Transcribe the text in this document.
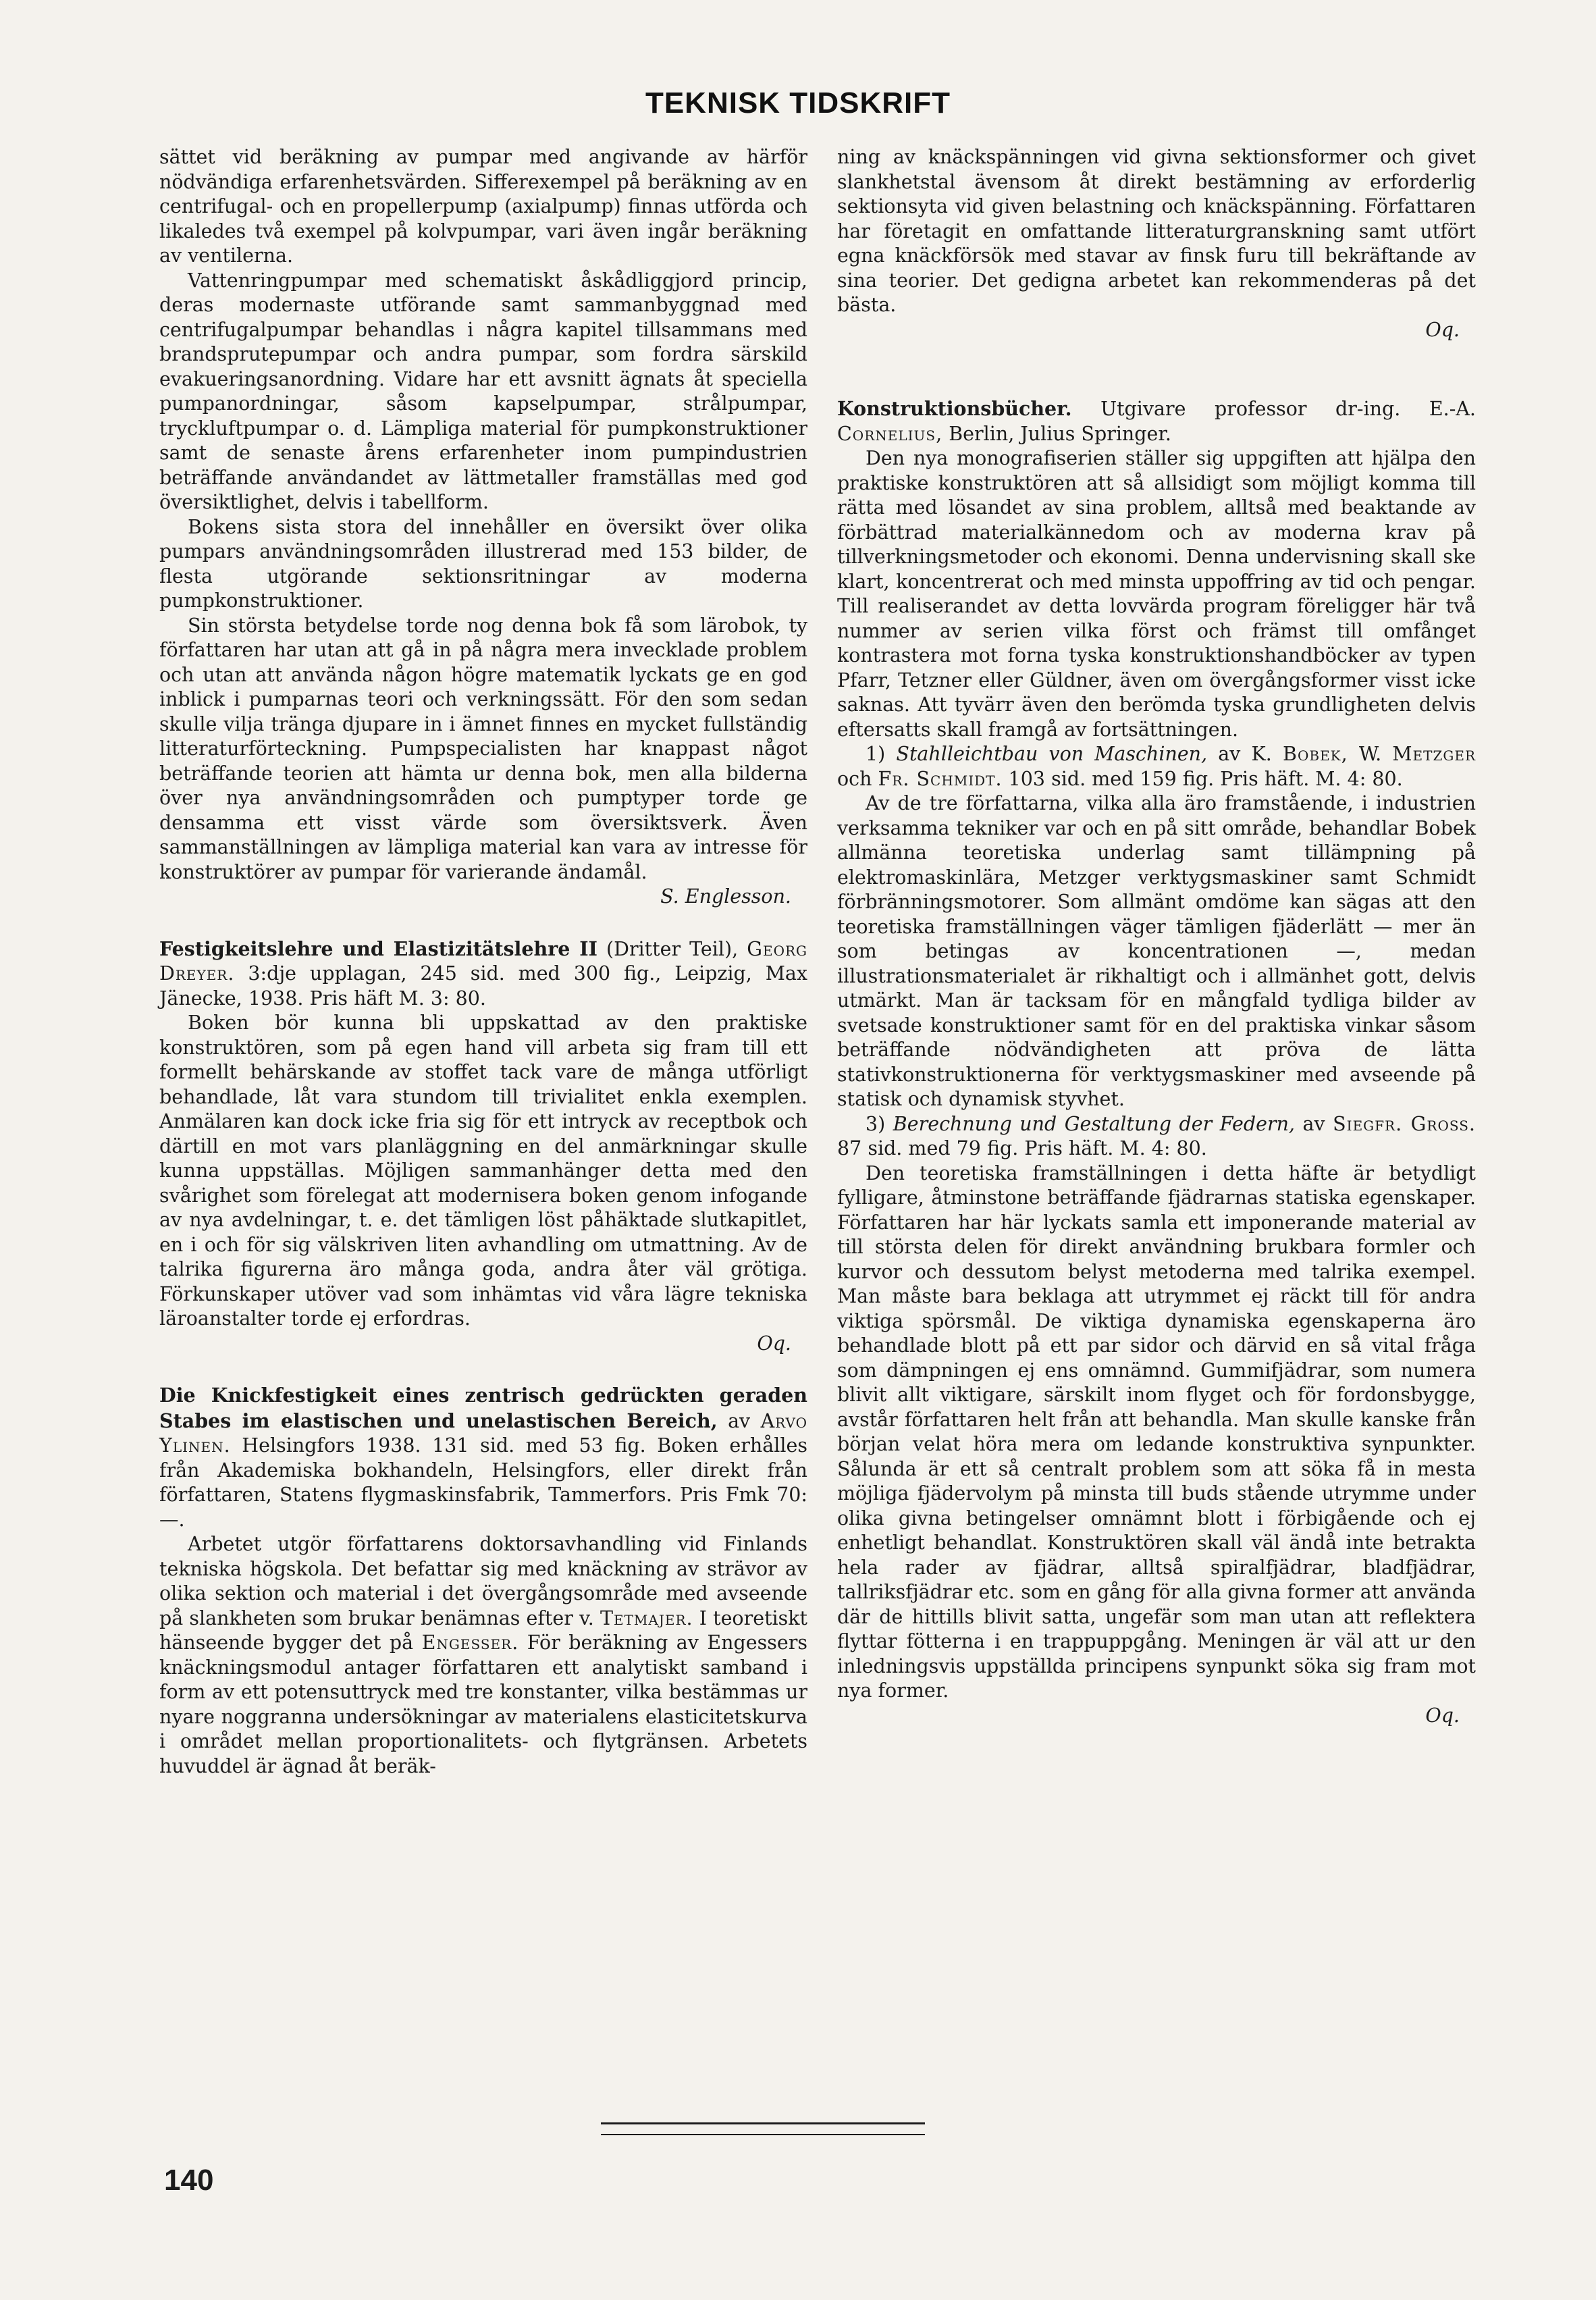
TEKNISK TIDSKRIFT

sättet vid beräkning av pumpar med angivande av härför nödvändiga erfarenhetsvärden. Sifferexempel på beräkning av en centrifugal- och en propellerpump (axialpump) finnas utförda och likaledes två exempel på kolvpumpar, vari även ingår beräkning av ventilerna.

Vattenringpumpar med schematiskt åskådliggjord princip, deras modernaste utförande samt sammanbyggnad med centrifugalpumpar behandlas i några kapitel tillsammans med brandsprutepumpar och andra pumpar, som fordra särskild evakueringsanordning. Vidare har ett avsnitt ägnats åt speciella pumpanordningar, såsom kapselpumpar, strålpumpar, tryckluftpumpar o. d. Lämpliga material för pumpkonstruktioner samt de senaste årens erfarenheter inom pumpindustrien beträffande användandet av lättmetaller framställas med god översiktlighet, delvis i tabellform.

Bokens sista stora del innehåller en översikt över olika pumpars användningsområden illustrerad med 153 bilder, de flesta utgörande sektionsritningar av moderna pumpkonstruktioner.

Sin största betydelse torde nog denna bok få som lärobok, ty författaren har utan att gå in på några mera invecklade problem och utan att använda någon högre matematik lyckats ge en god inblick i pumparnas teori och verkningssätt. För den som sedan skulle vilja tränga djupare in i ämnet finnes en mycket fullständig litteraturförteckning. Pumpspecialisten har knappast något beträffande teorien att hämta ur denna bok, men alla bilderna över nya användningsområden och pumptyper torde ge densamma ett visst värde som översiktsverk. Även sammanställningen av lämpliga material kan vara av intresse för konstruktörer av pumpar för varierande ändamål.

S. Englesson.

Festigkeitslehre und Elastizitätslehre II (Dritter Teil), Georg Dreyer. 3:dje upplagan, 245 sid. med 300 fig., Leipzig, Max Jänecke, 1938. Pris häft M. 3: 80.

Boken bör kunna bli uppskattad av den praktiske konstruktören, som på egen hand vill arbeta sig fram till ett formellt behärskande av stoffet tack vare de många utförligt behandlade, låt vara stundom till trivialitet enkla exemplen. Anmälaren kan dock icke fria sig för ett intryck av receptbok och därtill en mot vars planläggning en del anmärkningar skulle kunna uppställas. Möjligen sammanhänger detta med den svårighet som förelegat att modernisera boken genom infogande av nya avdelningar, t. e. det tämligen löst påhäktade slutkapitlet, en i och för sig välskriven liten avhandling om utmattning. Av de talrika figurerna äro många goda, andra åter väl grötiga. Förkunskaper utöver vad som inhämtas vid våra lägre tekniska läroanstalter torde ej erfordras.

Oq.

Die Knickfestigkeit eines zentrisch gedrückten geraden Stabes im elastischen und unelastischen Bereich, av Arvo Ylinen. Helsingfors 1938. 131 sid. med 53 fig. Boken erhålles från Akademiska bokhandeln, Helsingfors, eller direkt från författaren, Statens flygmaskinsfabrik, Tammerfors. Pris Fmk 70: —.

Arbetet utgör författarens doktorsavhandling vid Finlands tekniska högskola. Det befattar sig med knäckning av strävor av olika sektion och material i det övergångsområde med avseende på slankheten som brukar benämnas efter v. Tetmajer. I teoretiskt hänseende bygger det på Engesser. För beräkning av Engessers knäckningsmodul antager författaren ett analytiskt samband i form av ett potensuttryck med tre konstanter, vilka bestämmas ur nyare noggranna undersökningar av materialens elasticitetskurva i området mellan proportionalitets- och flytgränsen. Arbetets huvuddel är ägnad åt beräk-

ning av knäckspänningen vid givna sektionsformer och givet slankhetstal ävensom åt direkt bestämning av erforderlig sektionsyta vid given belastning och knäckspänning. Författaren har företagit en omfattande litteraturgranskning samt utfört egna knäckförsök med stavar av finsk furu till bekräftande av sina teorier. Det gedigna arbetet kan rekommenderas på det bästa.

Oq.

Konstruktionsbücher. Utgivare professor dr-ing. E.-A. Cornelius, Berlin, Julius Springer.

Den nya monografiserien ställer sig uppgiften att hjälpa den praktiske konstruktören att så allsidigt som möjligt komma till rätta med lösandet av sina problem, alltså med beaktande av förbättrad materialkännedom och av moderna krav på tillverkningsmetoder och ekonomi. Denna undervisning skall ske klart, koncentrerat och med minsta uppoffring av tid och pengar. Till realiserandet av detta lovvärda program föreligger här två nummer av serien vilka först och främst till omfånget kontrastera mot forna tyska konstruktionshandböcker av typen Pfarr, Tetzner eller Güldner, även om övergångsformer visst icke saknas. Att tyvärr även den berömda tyska grundligheten delvis eftersatts skall framgå av fortsättningen.

1) Stahlleichtbau von Maschinen, av K. Bobek, W. Metzger och Fr. Schmidt. 103 sid. med 159 fig. Pris häft. M. 4: 80.

Av de tre författarna, vilka alla äro framstående, i industrien verksamma tekniker var och en på sitt område, behandlar Bobek allmänna teoretiska underlag samt tillämpning på elektromaskinlära, Metzger verktygsmaskiner samt Schmidt förbränningsmotorer. Som allmänt omdöme kan sägas att den teoretiska framställningen väger tämligen fjäderlätt — mer än som betingas av koncentrationen —, medan illustrationsmaterialet är rikhaltigt och i allmänhet gott, delvis utmärkt. Man är tacksam för en mångfald tydliga bilder av svetsade konstruktioner samt för en del praktiska vinkar såsom beträffande nödvändigheten att pröva de lätta stativkonstruktionerna för verktygsmaskiner med avseende på statisk och dynamisk styvhet.

3) Berechnung und Gestaltung der Federn, av Siegfr. Gross. 87 sid. med 79 fig. Pris häft. M. 4: 80.

Den teoretiska framställningen i detta häfte är betydligt fylligare, åtminstone beträffande fjädrarnas statiska egenskaper. Författaren har här lyckats samla ett imponerande material av till största delen för direkt användning brukbara formler och kurvor och dessutom belyst metoderna med talrika exempel. Man måste bara beklaga att utrymmet ej räckt till för andra viktiga spörsmål. De viktiga dynamiska egenskaperna äro behandlade blott på ett par sidor och därvid en så vital fråga som dämpningen ej ens omnämnd. Gummifjädrar, som numera blivit allt viktigare, särskilt inom flyget och för fordonsbygge, avstår författaren helt från att behandla. Man skulle kanske från början velat höra mera om ledande konstruktiva synpunkter. Sålunda är ett så centralt problem som att söka få in mesta möjliga fjädervolym på minsta till buds stående utrymme under olika givna betingelser omnämnt blott i förbigående och ej enhetligt behandlat. Konstruktören skall väl ändå inte betrakta hela rader av fjädrar, alltså spiralfjädrar, bladfjädrar, tallriksfjädrar etc. som en gång för alla givna former att använda där de hittills blivit satta, ungefär som man utan att reflektera flyttar fötterna i en trappuppgång. Meningen är väl att ur den inledningsvis uppställda principens synpunkt söka sig fram mot nya former.

Oq.

140
